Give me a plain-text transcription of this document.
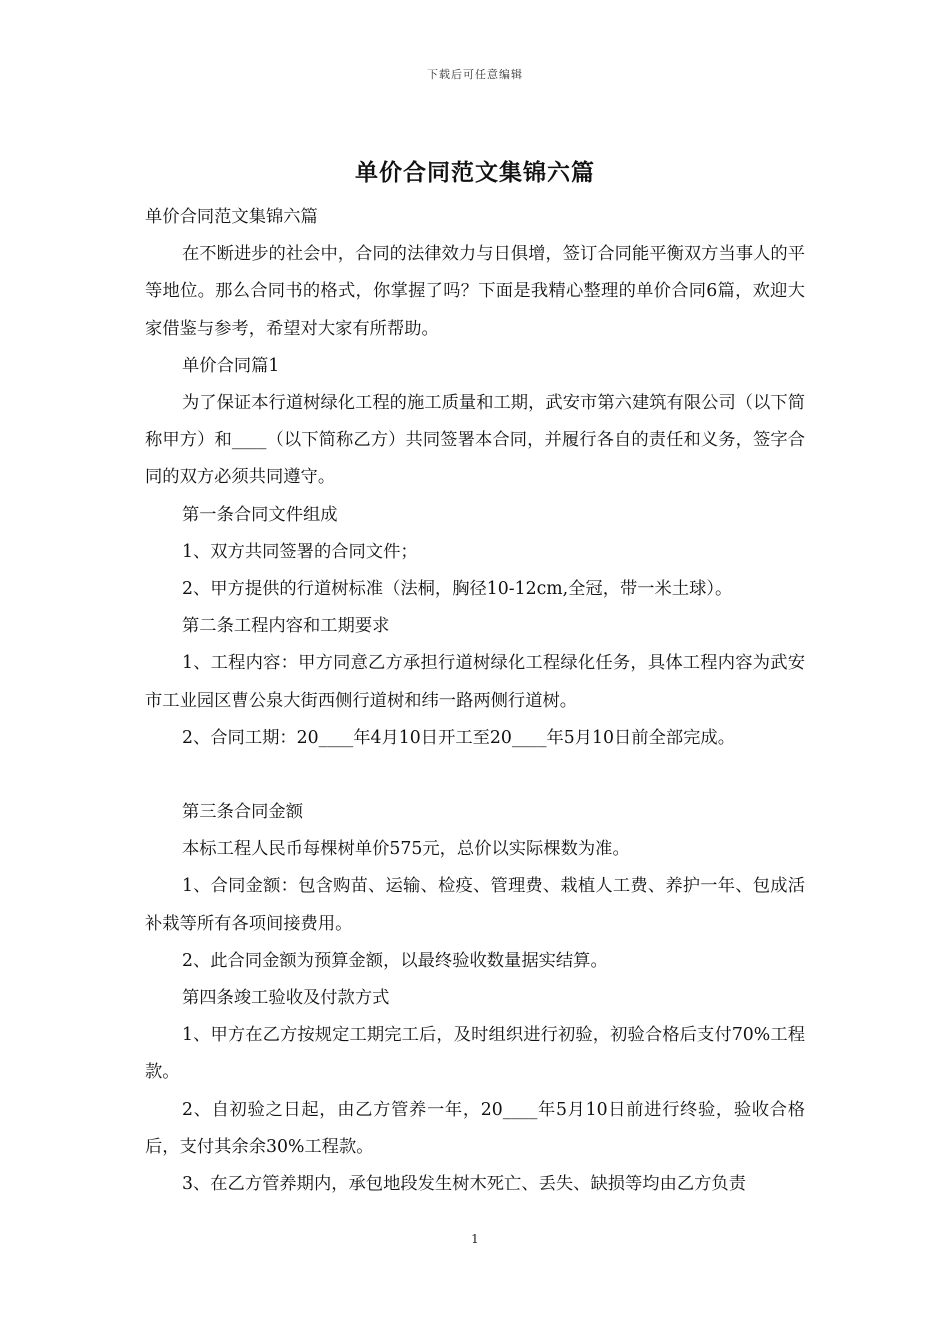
下载后可任意编辑
单价合同范文集锦六篇

单价合同范文集锦六篇

在不断进步的社会中，合同的法律效力与日俱增，签订合同能平衡双方当事人的平等地位。那么合同书的格式，你掌握了吗？下面是我精心整理的单价合同6篇，欢迎大家借鉴与参考，希望对大家有所帮助。

单价合同篇1

为了保证本行道树绿化工程的施工质量和工期，武安市第六建筑有限公司（以下简称甲方）和____（以下简称乙方）共同签署本合同，并履行各自的责任和义务，签字合同的双方必须共同遵守。

第一条合同文件组成

1、双方共同签署的合同文件；

2、甲方提供的行道树标准（法桐，胸径10-12cm,全冠，带一米土球）。

第二条工程内容和工期要求

1、工程内容：甲方同意乙方承担行道树绿化工程绿化任务，具体工程内容为武安市工业园区曹公泉大街西侧行道树和纬一路两侧行道树。

2、合同工期：20____年4月10日开工至20____年5月10日前全部完成。

第三条合同金额

本标工程人民币每棵树单价575元，总价以实际棵数为准。

1、合同金额：包含购苗、运输、检疫、管理费、栽植人工费、养护一年、包成活补栽等所有各项间接费用。

2、此合同金额为预算金额，以最终验收数量据实结算。

第四条竣工验收及付款方式

1、甲方在乙方按规定工期完工后，及时组织进行初验，初验合格后支付70%工程款。

2、自初验之日起，由乙方管养一年，20____年5月10日前进行终验，验收合格后，支付其余余30%工程款。

3、在乙方管养期内，承包地段发生树木死亡、丢失、缺损等均由乙方负责

1
